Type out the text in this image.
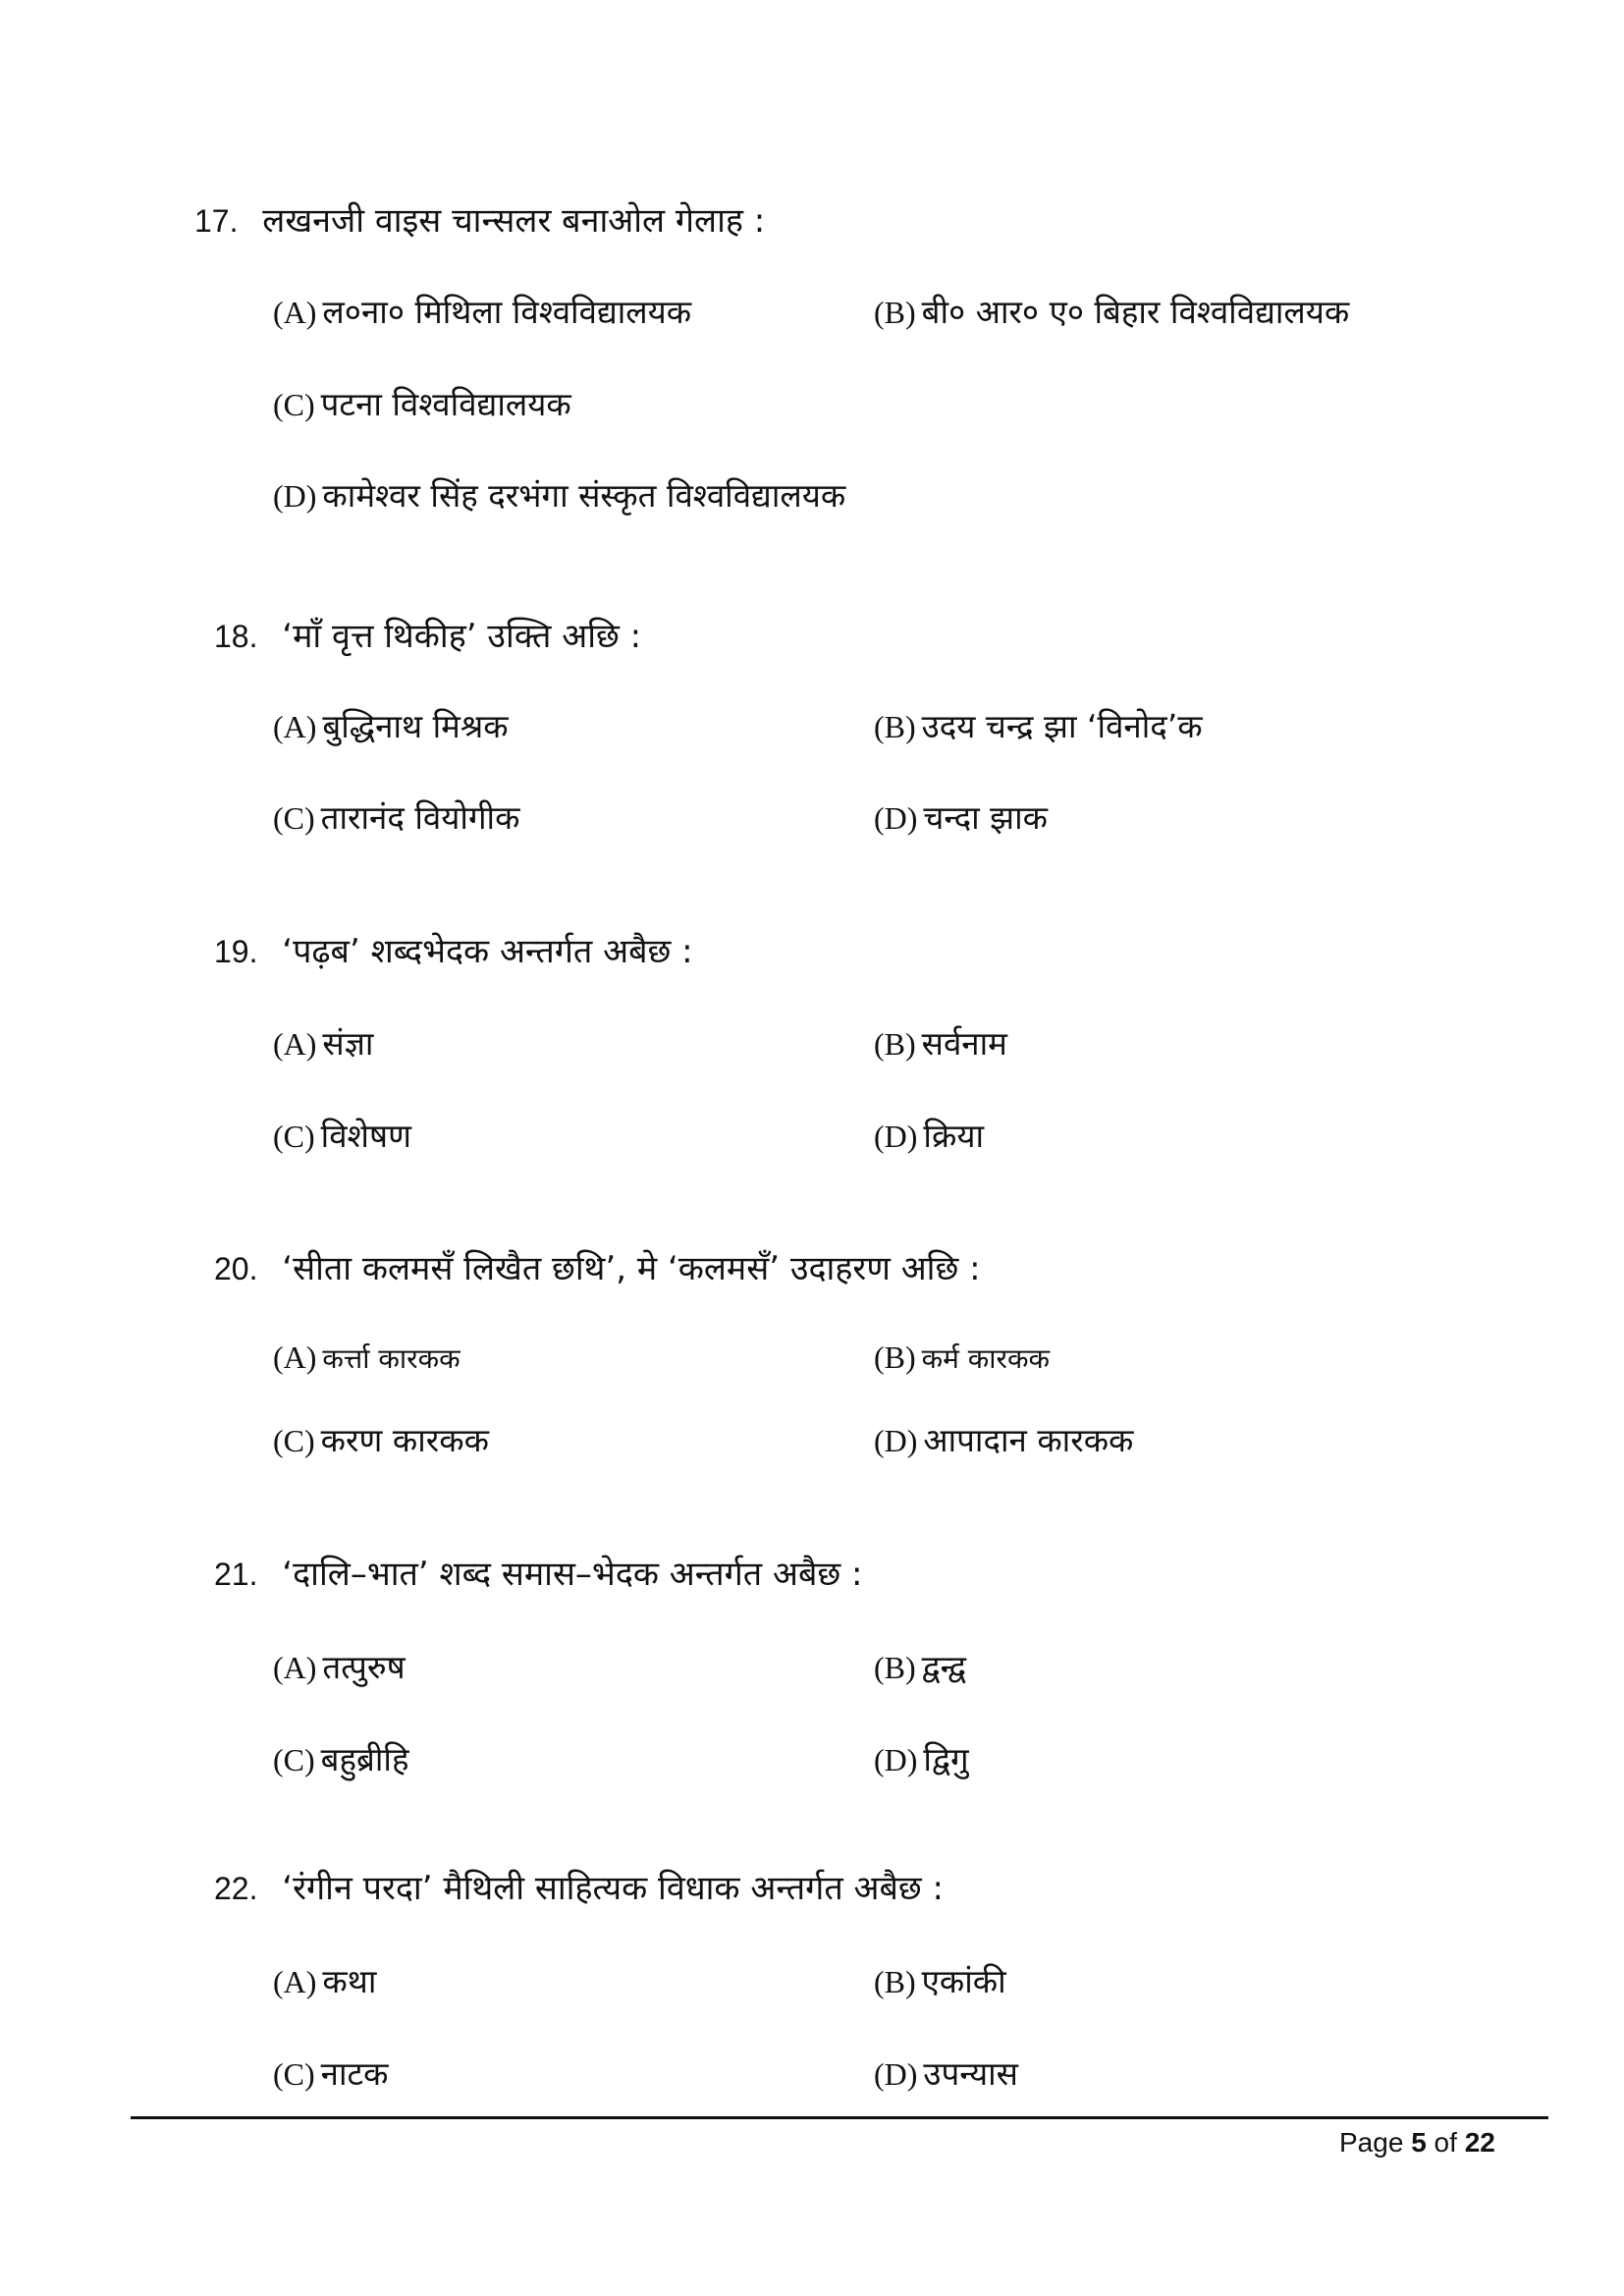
17. लखनजी वाइस चान्सलर बनाओल गेलाह :
(A) ल०ना० मिथिला विश्वविद्यालयक	(B) बी० आर० ए० बिहार विश्वविद्यालयक
(C) पटना विश्वविद्यालयक
(D) कामेश्वर सिंह दरभंगा संस्कृत विश्वविद्यालयक
18. ‘माँ वृत्त थिकीह’ उक्ति अछि :
(A) बुद्धिनाथ मिश्रक	(B) उदय चन्द्र झा ‘विनोद’क
(C) तारानंद वियोगीक	(D) चन्दा झाक
19. ‘पढ़ब’ शब्दभेदक अन्तर्गत अबैछ :
(A) संज्ञा	(B) सर्वनाम
(C) विशेषण	(D) क्रिया
20. ‘सीता कलमसँ लिखैत छथि’, मे ‘कलमसँ’ उदाहरण अछि :
(A) कर्त्ता कारकक	(B) कर्म कारकक
(C) करण कारकक	(D) आपादान कारकक
21. ‘दालि–भात’ शब्द समास–भेदक अन्तर्गत अबैछ :
(A) तत्पुरुष	(B) द्वन्द्व
(C) बहुब्रीहि	(D) द्विगु
22. ‘रंगीन परदा’ मैथिली साहित्यक विधाक अन्तर्गत अबैछ :
(A) कथा	(B) एकांकी
(C) नाटक	(D) उपन्यास
Page 5 of 22
